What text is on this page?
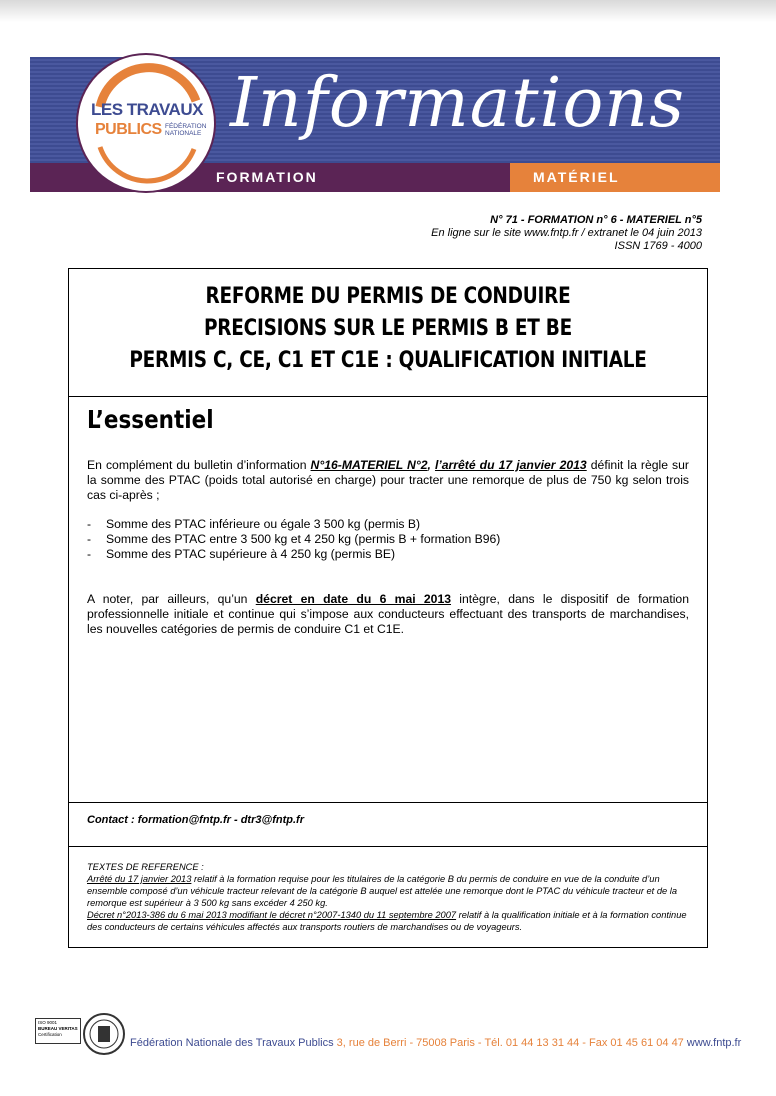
Informations
FORMATION	MATÉRIEL
LES TRAVAUX
PUBLICS FÉDÉRATION NATIONALE
N° 71 - FORMATION n° 6 - MATERIEL n°5
En ligne sur le site www.fntp.fr / extranet le 04 juin 2013
ISSN 1769 - 4000
REFORME DU PERMIS DE CONDUIRE
PRECISIONS SUR LE PERMIS B ET BE
PERMIS C, CE, C1 ET C1E : QUALIFICATION INITIALE
L’essentiel
En complément du bulletin d’information N°16-MATERIEL N°2, l’arrêté du 17 janvier 2013 définit la règle sur la somme des PTAC (poids total autorisé en charge) pour tracter une remorque de plus de 750 kg selon trois cas ci-après ;
- Somme des PTAC inférieure ou égale 3 500 kg (permis B)
- Somme des PTAC entre 3 500 kg et 4 250 kg (permis B + formation B96)
- Somme des PTAC supérieure à 4 250 kg (permis BE)
A noter, par ailleurs, qu’un décret en date du 6 mai 2013 intègre, dans le dispositif de formation professionnelle initiale et continue qui s’impose aux conducteurs effectuant des transports de marchandises, les nouvelles catégories de permis de conduire C1 et C1E.
Contact : formation@fntp.fr - dtr3@fntp.fr
TEXTES DE REFERENCE :
Arrêté du 17 janvier 2013 relatif à la formation requise pour les titulaires de la catégorie B du permis de conduire en vue de la conduite d’un ensemble composé d’un véhicule tracteur relevant de la catégorie B auquel est attelée une remorque dont le PTAC du véhicule tracteur et de la remorque est supérieur à 3 500 kg sans excéder 4 250 kg.
Décret n°2013-386 du 6 mai 2013 modifiant le décret n°2007-1340 du 11 septembre 2007 relatif à la qualification initiale et à la formation continue des conducteurs de certains véhicules affectés aux transports routiers de marchandises ou de voyageurs.
ISO 9001
BUREAU VERITAS
Certification
Fédération Nationale des Travaux Publics 3, rue de Berri - 75008 Paris - Tél. 01 44 13 31 44 - Fax 01 45 61 04 47 www.fntp.fr
